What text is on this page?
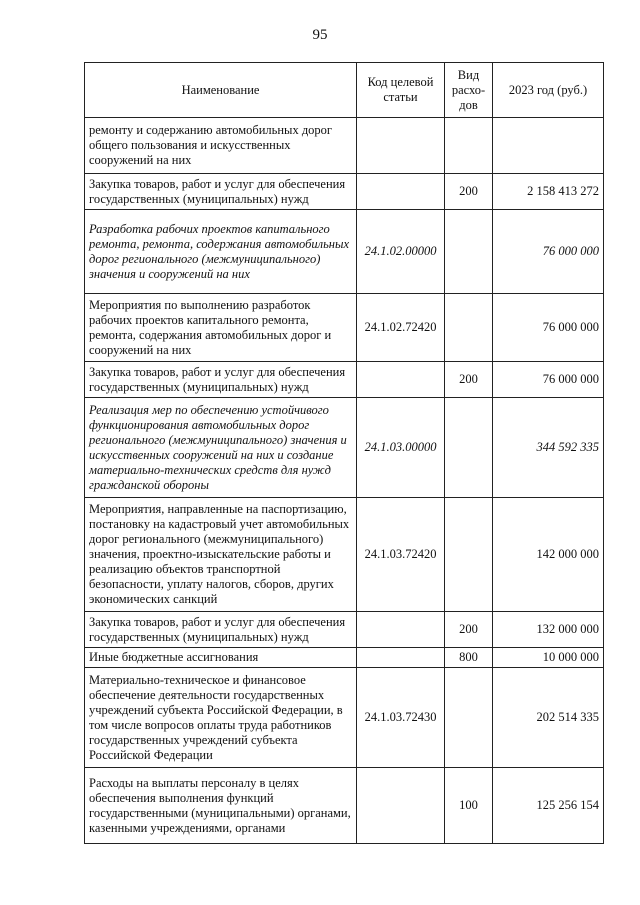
95
Наименование	Код целевой статьи	Вид расхо-дов	2023 год (руб.)
ремонту и содержанию автомобильных дорог общего пользования и искусственных сооружений на них			
Закупка товаров, работ и услуг для обеспечения государственных (муниципальных) нужд		200	2 158 413 272
Разработка рабочих проектов капитального ремонта, ремонта, содержания автомобильных дорог регионального (межмуниципального) значения и сооружений на них	24.1.02.00000		76 000 000
Мероприятия по выполнению разработок рабочих проектов капитального ремонта, ремонта, содержания автомобильных дорог и сооружений на них	24.1.02.72420		76 000 000
Закупка товаров, работ и услуг для обеспечения государственных (муниципальных) нужд		200	76 000 000
Реализация мер по обеспечению устойчивого функционирования автомобильных дорог регионального (межмуниципального) значения и искусственных сооружений на них и создание материально-технических средств для нужд гражданской обороны	24.1.03.00000		344 592 335
Мероприятия, направленные на паспортизацию, постановку на кадастровый учет автомобильных дорог регионального (межмуниципального) значения, проектно-изыскательские работы и реализацию объектов транспортной безопасности, уплату налогов, сборов, других экономических санкций	24.1.03.72420		142 000 000
Закупка товаров, работ и услуг для обеспечения государственных (муниципальных) нужд		200	132 000 000
Иные бюджетные ассигнования		800	10 000 000
Материально-техническое и финансовое обеспечение деятельности государственных учреждений субъекта Российской Федерации, в том числе вопросов оплаты труда работников государственных учреждений субъекта Российской Федерации	24.1.03.72430		202 514 335
Расходы на выплаты персоналу в целях обеспечения выполнения функций государственными (муниципальными) органами, казенными учреждениями, органами		100	125 256 154
